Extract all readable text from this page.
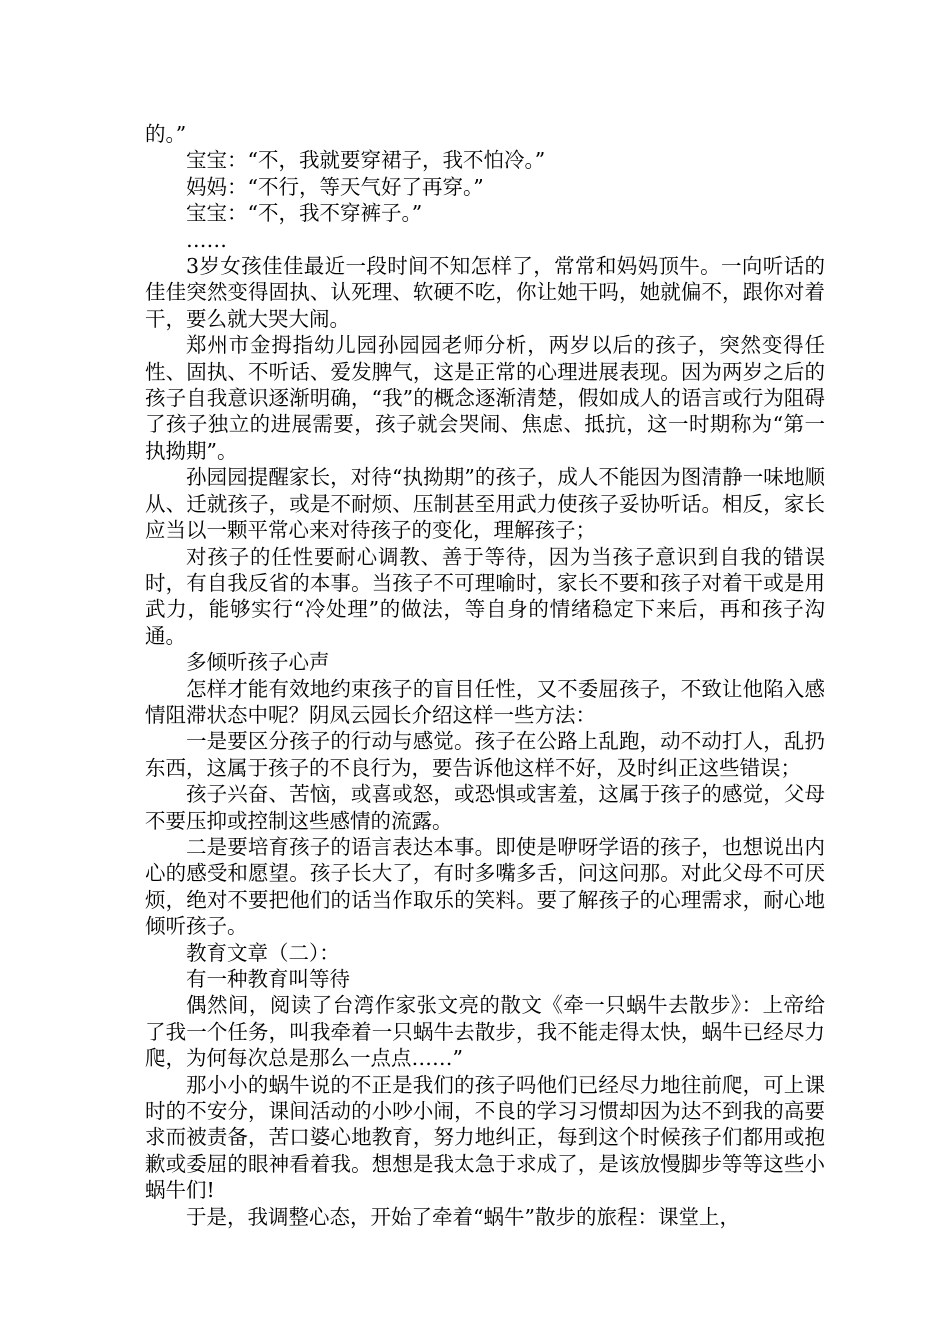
的。”

宝宝：“不，我就要穿裙子，我不怕冷。”

妈妈：“不行，等天气好了再穿。”

宝宝：“不，我不穿裤子。”

……

3岁女孩佳佳最近一段时间不知怎样了，常常和妈妈顶牛。一向听话的佳佳突然变得固执、认死理、软硬不吃，你让她干吗，她就偏不，跟你对着干，要么就大哭大闹。

郑州市金拇指幼儿园孙园园老师分析，两岁以后的孩子，突然变得任性、固执、不听话、爱发脾气，这是正常的心理进展表现。因为两岁之后的孩子自我意识逐渐明确，“我”的概念逐渐清楚，假如成人的语言或行为阻碍了孩子独立的进展需要，孩子就会哭闹、焦虑、抵抗，这一时期称为“第一执拗期”。

孙园园提醒家长，对待“执拗期”的孩子，成人不能因为图清静一味地顺从、迁就孩子，或是不耐烦、压制甚至用武力使孩子妥协听话。相反，家长应当以一颗平常心来对待孩子的变化，理解孩子；

对孩子的任性要耐心调教、善于等待，因为当孩子意识到自我的错误时，有自我反省的本事。当孩子不可理喻时，家长不要和孩子对着干或是用武力，能够实行“冷处理”的做法，等自身的情绪稳定下来后，再和孩子沟通。

多倾听孩子心声

怎样才能有效地约束孩子的盲目任性，又不委屈孩子，不致让他陷入感情阻滞状态中呢？阴凤云园长介绍这样一些方法：

一是要区分孩子的行动与感觉。孩子在公路上乱跑，动不动打人，乱扔东西，这属于孩子的不良行为，要告诉他这样不好，及时纠正这些错误；

孩子兴奋、苦恼，或喜或怒，或恐惧或害羞，这属于孩子的感觉，父母不要压抑或控制这些感情的流露。

二是要培育孩子的语言表达本事。即使是咿呀学语的孩子，也想说出内心的感受和愿望。孩子长大了，有时多嘴多舌，问这问那。对此父母不可厌烦，绝对不要把他们的话当作取乐的笑料。要了解孩子的心理需求，耐心地倾听孩子。

教育文章（二）：

有一种教育叫等待

偶然间，阅读了台湾作家张文亮的散文《牵一只蜗牛去散步》：上帝给了我一个任务，叫我牵着一只蜗牛去散步，我不能走得太快，蜗牛已经尽力爬，为何每次总是那么一点点……”

那小小的蜗牛说的不正是我们的孩子吗他们已经尽力地往前爬，可上课时的不安分，课间活动的小吵小闹，不良的学习习惯却因为达不到我的高要求而被责备，苦口婆心地教育，努力地纠正，每到这个时候孩子们都用或抱歉或委屈的眼神看着我。想想是我太急于求成了，是该放慢脚步等等这些小蜗牛们!

于是，我调整心态，开始了牵着“蜗牛”散步的旅程：课堂上，
